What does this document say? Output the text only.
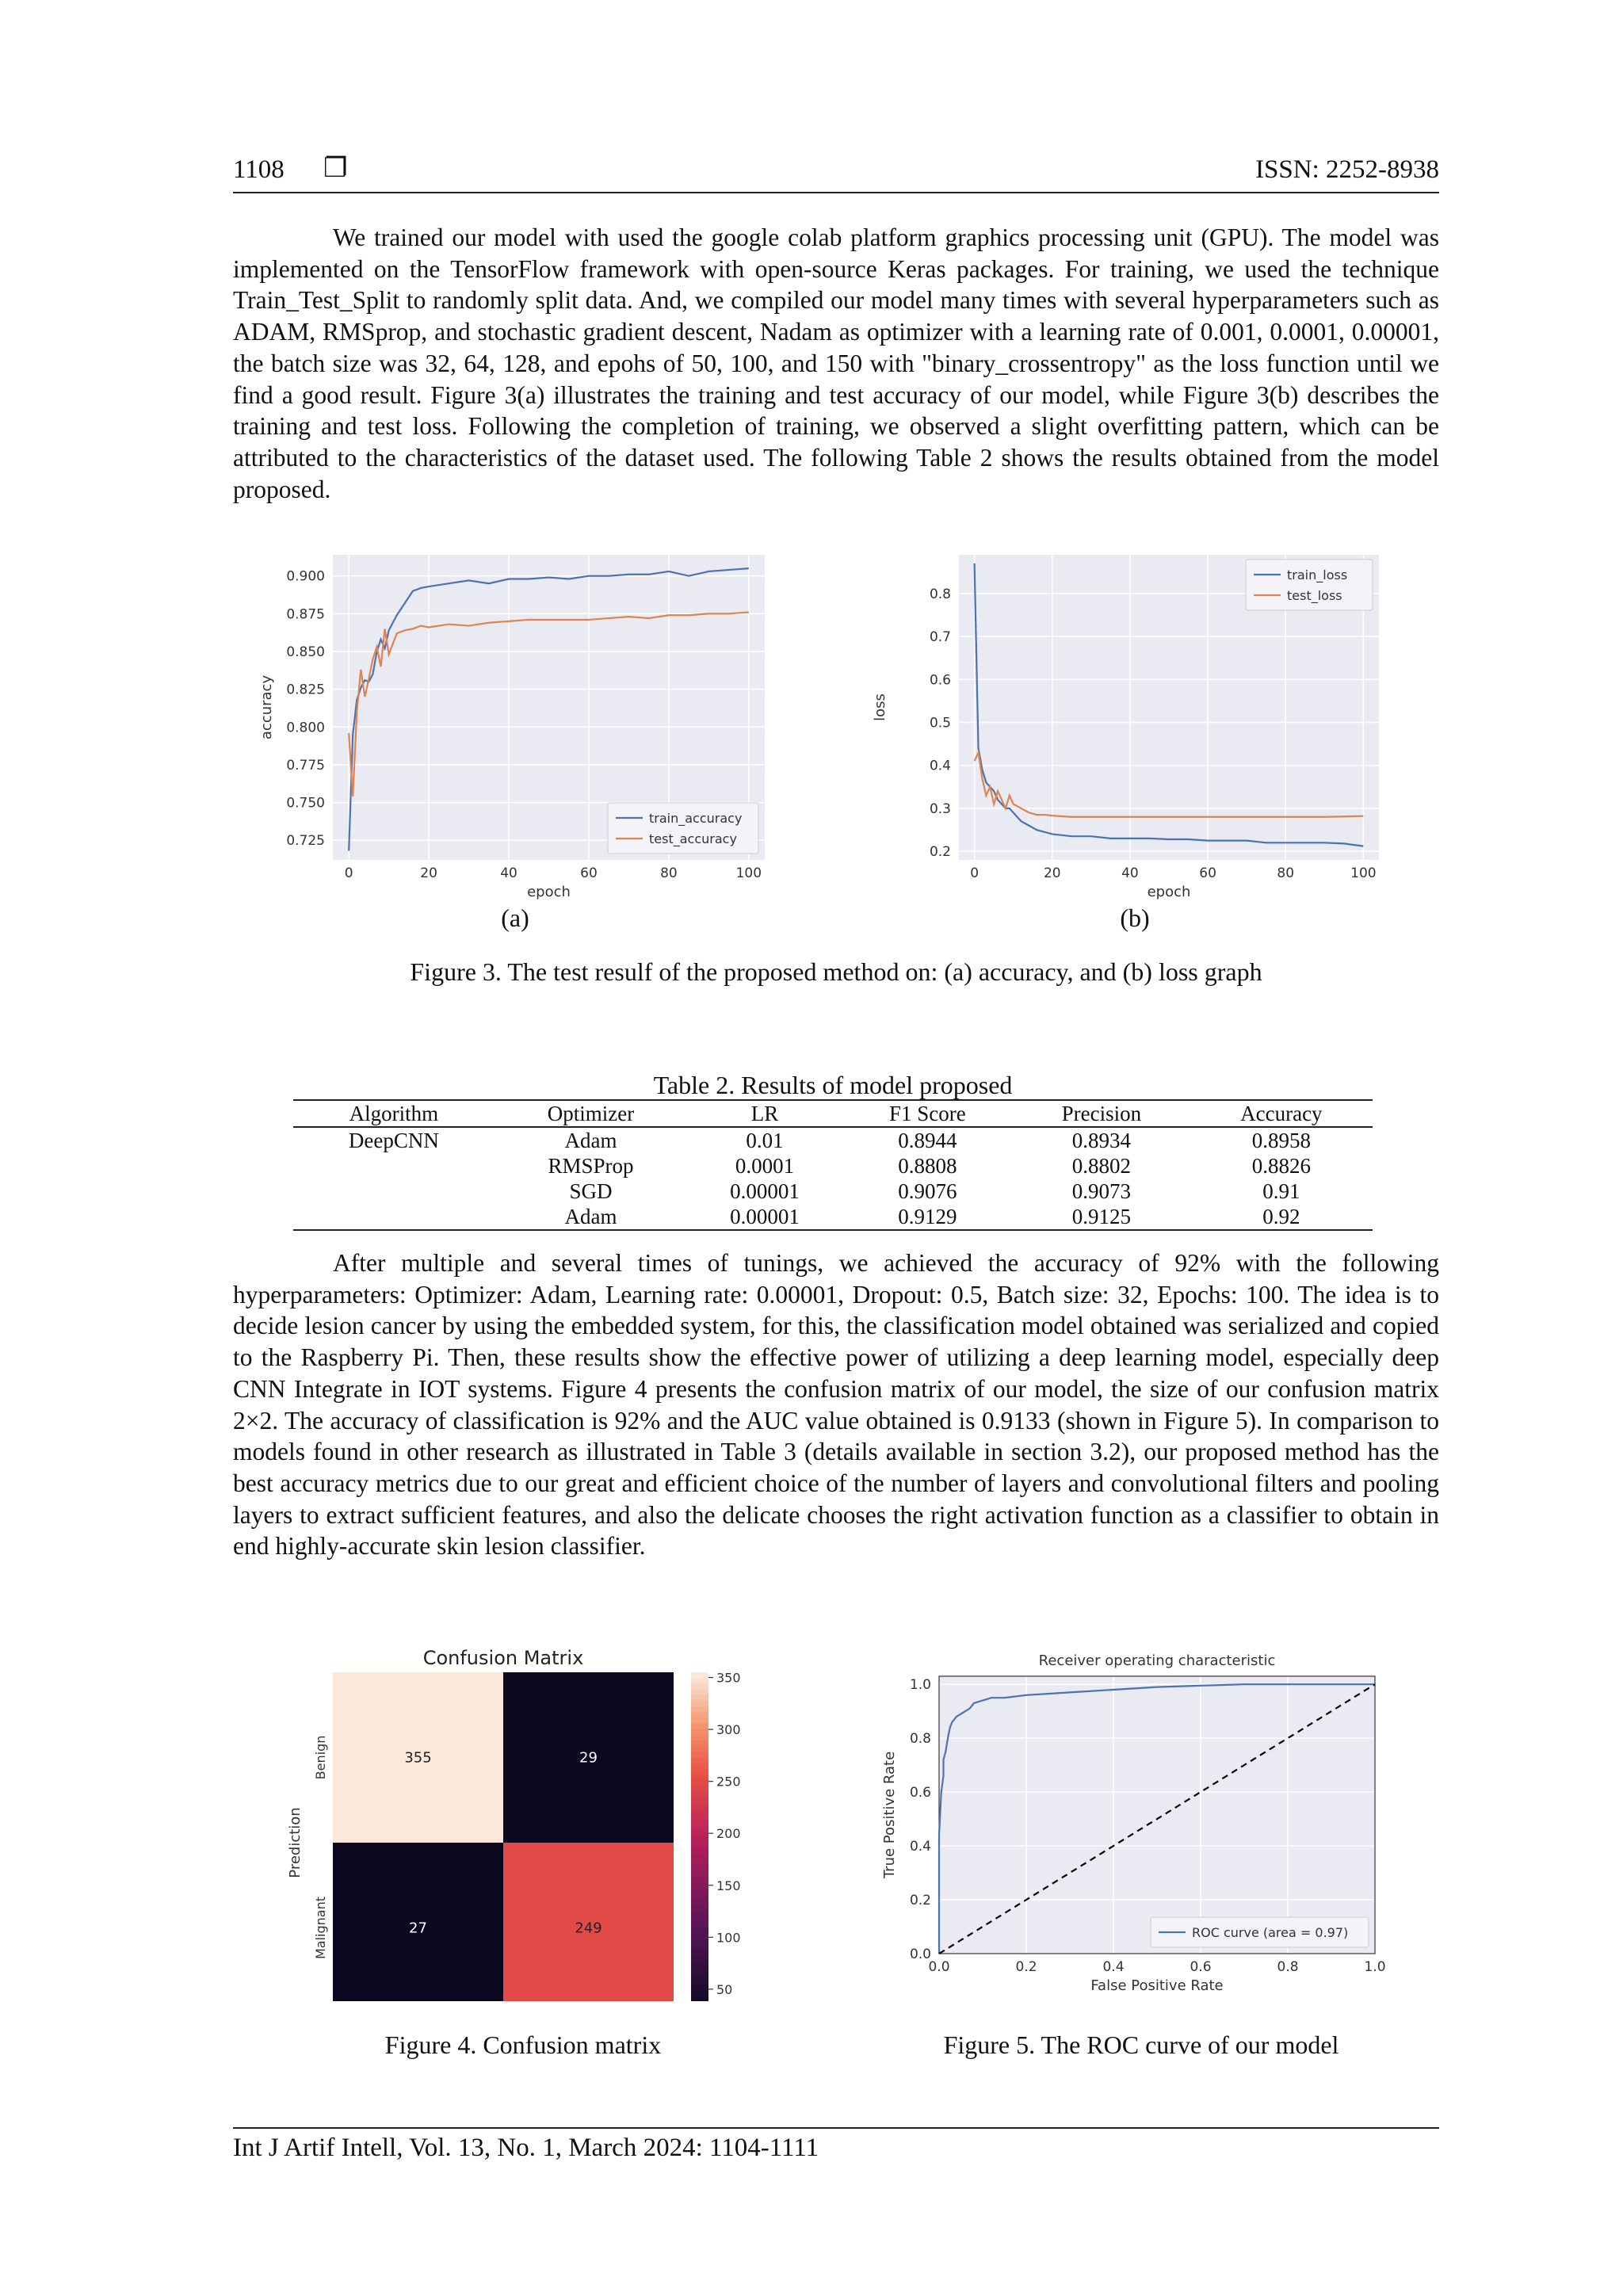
1108 ❐	ISSN: 2252-8938

We trained our model with used the google colab platform graphics processing unit (GPU). The model was implemented on the TensorFlow framework with open-source Keras packages. For training, we used the technique Train_Test_Split to randomly split data. And, we compiled our model many times with several hyperparameters such as ADAM, RMSprop, and stochastic gradient descent, Nadam as optimizer with a learning rate of 0.001, 0.0001, 0.00001, the batch size was 32, 64, 128, and epohs of 50, 100, and 150 with "binary_crossentropy" as the loss function until we find a good result. Figure 3(a) illustrates the training and test accuracy of our model, while Figure 3(b) describes the training and test loss. Following the completion of training, we observed a slight overfitting pattern, which can be attributed to the characteristics of the dataset used. The following Table 2 shows the results obtained from the model proposed.

0	20	40	60	80	100
0.725
0.750
0.775
0.800
0.825
0.850
0.875
0.900
epoch
accuracy
train_accuracy
test_accuracy
0	20	40	60	80	100
0.2
0.3
0.4
0.5
0.6
0.7
0.8
epoch
loss
train_loss
test_loss
(a)	(b)
Figure 3. The test resulf of the proposed method on: (a) accuracy, and (b) loss graph
Table 2. Results of model proposed
Algorithm	Optimizer	LR	F1 Score	Precision	Accuracy
DeepCNN	Adam	0.01	0.8944	0.8934	0.8958
	RMSProp	0.0001	0.8808	0.8802	0.8826
	SGD	0.00001	0.9076	0.9073	0.91
	Adam	0.00001	0.9129	0.9125	0.92

After multiple and several times of tunings, we achieved the accuracy of 92% with the following hyperparameters: Optimizer: Adam, Learning rate: 0.00001, Dropout: 0.5, Batch size: 32, Epochs: 100. The idea is to decide lesion cancer by using the embedded system, for this, the classification model obtained was serialized and copied to the Raspberry Pi. Then, these results show the effective power of utilizing a deep learning model, especially deep CNN Integrate in IOT systems. Figure 4 presents the confusion matrix of our model, the size of our confusion matrix 2×2. The accuracy of classification is 92% and the AUC value obtained is 0.9133 (shown in Figure 5). In comparison to models found in other research as illustrated in Table 3 (details available in section 3.2), our proposed method has the best accuracy metrics due to our great and efficient choice of the number of layers and convolutional filters and pooling layers to extract sufficient features, and also the delicate chooses the right activation function as a classifier to obtain in end highly-accurate skin lesion classifier.

Confusion Matrix
355	29
27	249
Benign
Malignant
Prediction
50
100
150
200
250
300
350
0.0	0.2	0.4	0.6	0.8	1.0
0.0
0.2
0.4
0.6
0.8
1.0
False Positive Rate
True Positive Rate
Receiver operating characteristic
ROC curve (area = 0.97)
Figure 4. Confusion matrix	Figure 5. The ROC curve of our model
Int J Artif Intell, Vol. 13, No. 1, March 2024: 1104-1111
